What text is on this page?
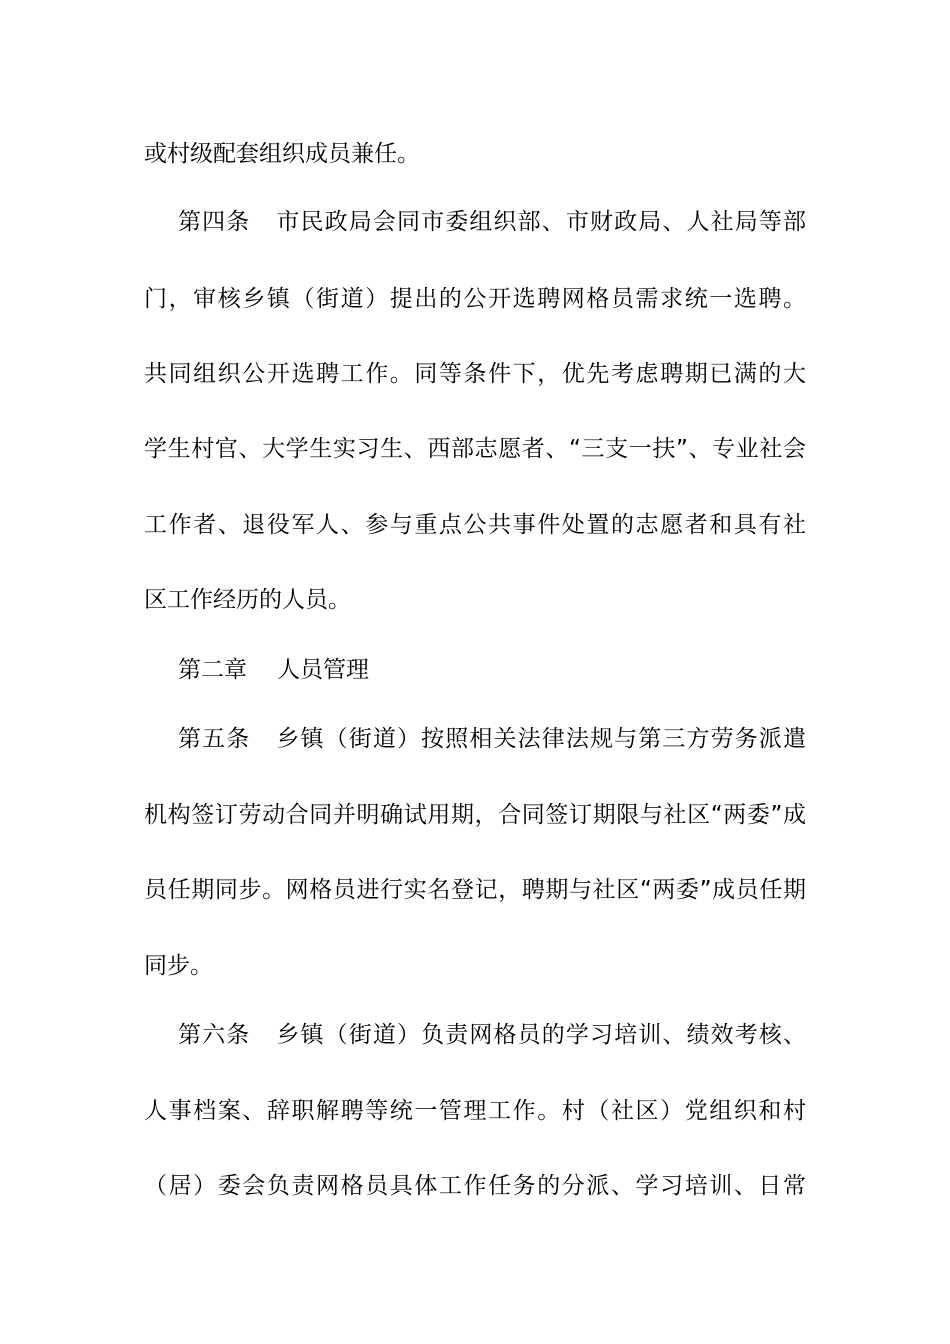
或村级配套组织成员兼任。
第四条 市民政局会同市委组织部、市财政局、人社局等部
门，审核乡镇（街道）提出的公开选聘网格员需求统一选聘。
共同组织公开选聘工作。同等条件下，优先考虑聘期已满的大
学生村官、大学生实习生、西部志愿者、“三支一扶”、专业社会
工作者、退役军人、参与重点公共事件处置的志愿者和具有社
区工作经历的人员。
第二章 人员管理
第五条 乡镇（街道）按照相关法律法规与第三方劳务派遣
机构签订劳动合同并明确试用期，合同签订期限与社区“两委”成
员任期同步。网格员进行实名登记，聘期与社区“两委”成员任期
同步。
第六条 乡镇（街道）负责网格员的学习培训、绩效考核、
人事档案、辞职解聘等统一管理工作。村（社区）党组织和村
（居）委会负责网格员具体工作任务的分派、学习培训、日常
